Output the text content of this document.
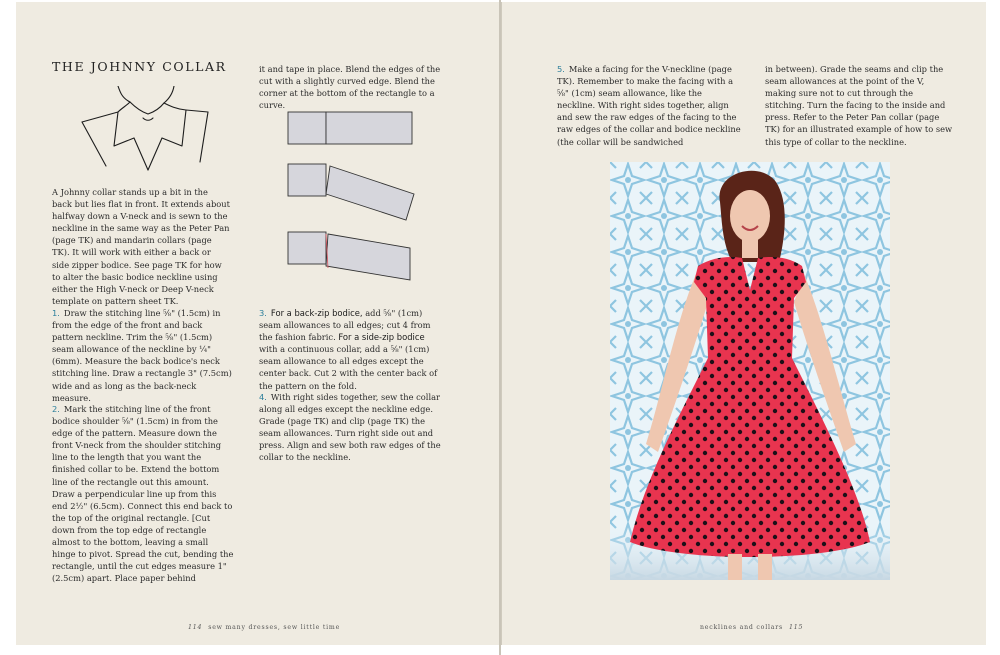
THE JOHNNY COLLAR
A Johnny collar stands up a bit in the back but lies flat in front. It extends about halfway down a V-neck and is sewn to the neckline in the same way as the Peter Pan (page TK) and mandarin collars (page TK). It will work with either a back or side zipper bodice. See page TK for how to alter the basic bodice neckline using either the High V-neck or Deep V-neck template on pattern sheet TK.
1. Draw the stitching line ⅝" (1.5cm) in from the edge of the front and back pattern neckline. Trim the ⅝" (1.5cm) seam allowance of the neckline by ¼" (6mm). Measure the back bodice's neck stitching line. Draw a rectangle 3" (7.5cm) wide and as long as the back-neck measure.
2. Mark the stitching line of the front bodice shoulder ⅝" (1.5cm) in from the edge of the pattern. Measure down the front V-neck from the shoulder stitching line to the length that you want the finished collar to be. Extend the bottom line of the rectangle out this amount. Draw a perpendicular line up from this end 2½" (6.5cm). Connect this end back to the top of the original rectangle. [Cut down from the top edge of rectangle almost to the bottom, leaving a small hinge to pivot. Spread the cut, bending the rectangle, until the cut edges measure 1" (2.5cm) apart. Place paper behind
it and tape in place. Blend the edges of the cut with a slightly curved edge. Blend the corner at the bottom of the rectangle to a curve.
3. For a back-zip bodice, add ⅝" (1cm) seam allowances to all edges; cut 4 from the fashion fabric. For a side-zip bodice with a continuous collar, add a ⅝" (1cm) seam allowance to all edges except the center back. Cut 2 with the center back of the pattern on the fold.
4. With right sides together, sew the collar along all edges except the neckline edge. Grade (page TK) and clip (page TK) the seam allowances. Turn right side out and press. Align and sew both raw edges of the collar to the neckline.
114 sew many dresses, sew little time
5. Make a facing for the V-neckline (page TK). Remember to make the facing with a ⅝" (1cm) seam allowance, like the neckline. With right sides together, align and sew the raw edges of the facing to the raw edges of the collar and bodice neckline (the collar will be sandwiched
in between). Grade the seams and clip the seam allowances at the point of the V, making sure not to cut through the stitching. Turn the facing to the inside and press. Refer to the Peter Pan collar (page TK) for an illustrated example of how to sew this type of collar to the neckline.
necklines and collars 115
